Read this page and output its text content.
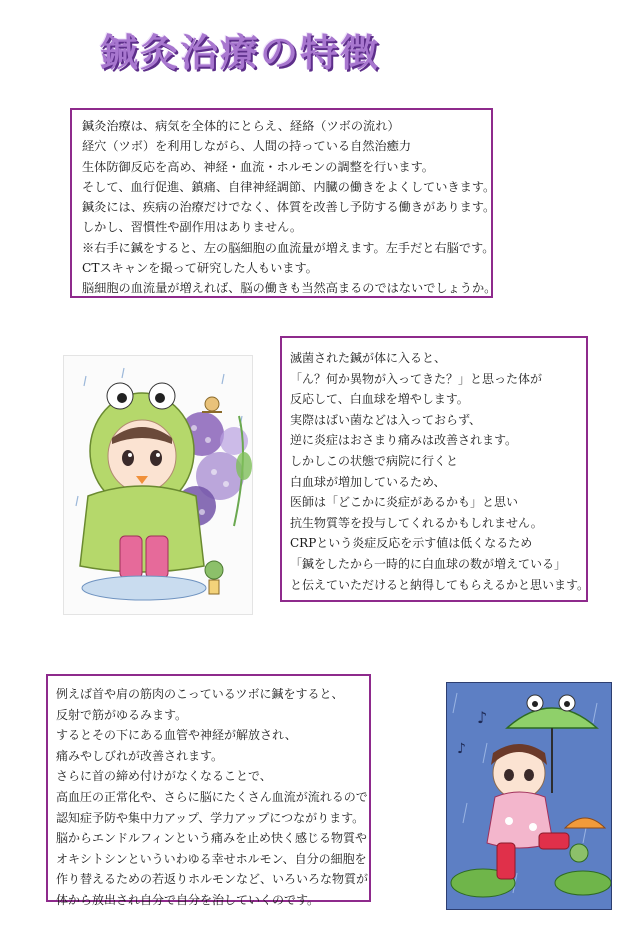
鍼灸治療の特徴
鍼灸治療は、病気を全体的にとらえ、経絡（ツボの流れ）
経穴（ツボ）を利用しながら、人間の持っている自然治癒力
生体防御反応を高め、神経・血流・ホルモンの調整を行います。
そして、血行促進、鎮痛、自律神経調節、内臓の働きをよくしていきます。
鍼灸には、疾病の治療だけでなく、体質を改善し予防する働きがあります。
しかし、習慣性や副作用はありません。
※右手に鍼をすると、左の脳細胞の血流量が増えます。左手だと右脳です。
CTスキャンを撮って研究した人もいます。
脳細胞の血流量が増えれば、脳の働きも当然高まるのではないでしょうか。
滅菌された鍼が体に入ると、
「ん？何か異物が入ってきた？」と思った体が
反応して、白血球を増やします。
実際はばい菌などは入っておらず、
逆に炎症はおさまり痛みは改善されます。
しかしこの状態で病院に行くと
白血球が増加しているため、
医師は「どこかに炎症があるかも」と思い
抗生物質等を投与してくれるかもしれません。
CRPという炎症反応を示す値は低くなるため
「鍼をしたから一時的に白血球の数が増えている」
と伝えていただけると納得してもらえるかと思います。
例えば首や肩の筋肉のこっているツボに鍼をすると、
反射で筋がゆるみます。
するとその下にある血管や神経が解放され、
痛みやしびれが改善されます。
さらに首の締め付けがなくなることで、
高血圧の正常化や、さらに脳にたくさん血流が流れるので
認知症予防や集中力アップ、学力アップにつながります。
脳からエンドルフィンという痛みを止め快く感じる物質や
オキシトシンといういわゆる幸せホルモン、自分の細胞を
作り替えるための若返りホルモンなど、いろいろな物質が
体から放出され自分で自分を治していくのです。
♪
♪
